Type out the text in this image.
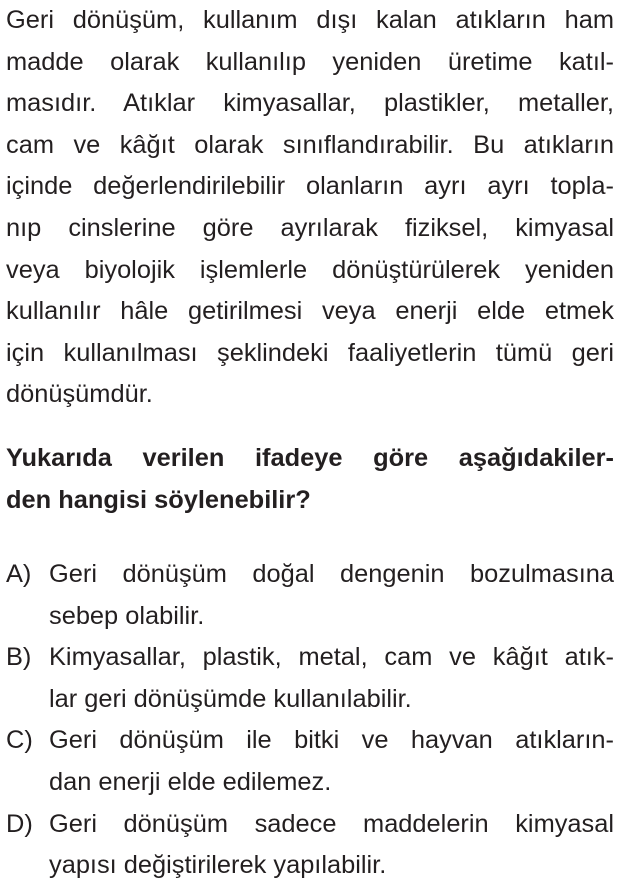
Geri dönüşüm, kullanım dışı kalan atıkların ham
madde olarak kullanılıp yeniden üretime katıl-
masıdır. Atıklar kimyasallar, plastikler, metaller,
cam ve kâğıt olarak sınıflandırabilir. Bu atıkların
içinde değerlendirilebilir olanların ayrı ayrı topla-
nıp cinslerine göre ayrılarak fiziksel, kimyasal
veya biyolojik işlemlerle dönüştürülerek yeniden
kullanılır hâle getirilmesi veya enerji elde etmek
için kullanılması şeklindeki faaliyetlerin tümü geri
dönüşümdür.
Yukarıda verilen ifadeye göre aşağıdakiler-
den hangisi söylenebilir?
A) Geri dönüşüm doğal dengenin bozulmasına
sebep olabilir.
B) Kimyasallar, plastik, metal, cam ve kâğıt atık-
lar geri dönüşümde kullanılabilir.
C) Geri dönüşüm ile bitki ve hayvan atıkların-
dan enerji elde edilemez.
D) Geri dönüşüm sadece maddelerin kimyasal
yapısı değiştirilerek yapılabilir.
